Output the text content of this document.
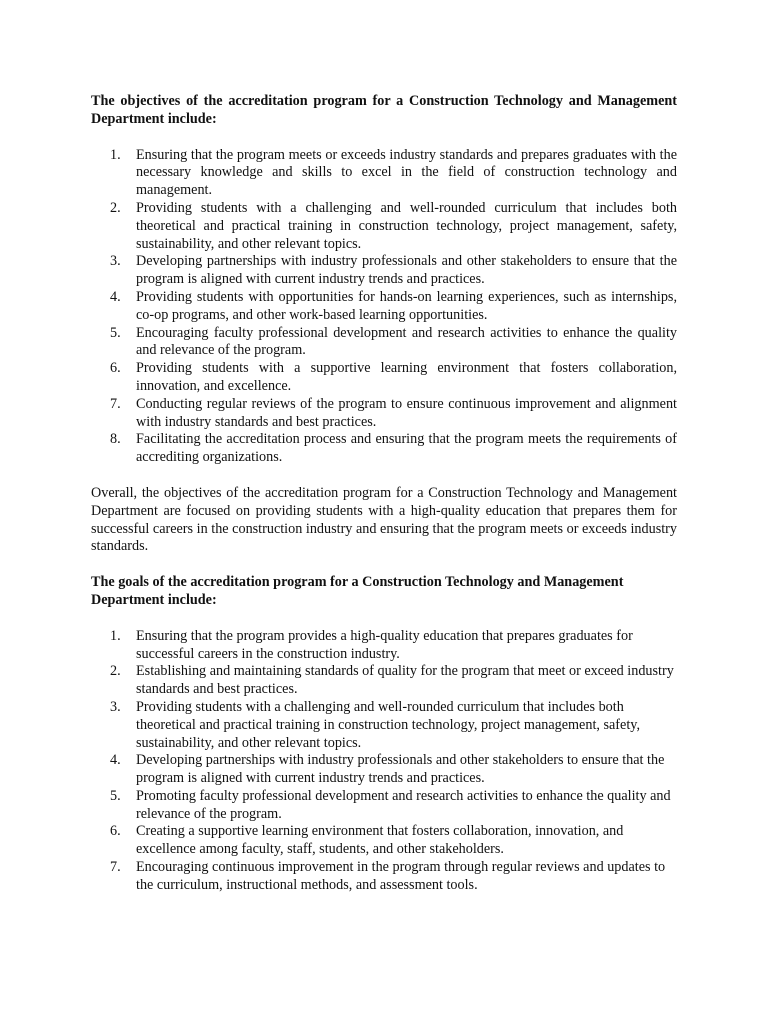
The objectives of the accreditation program for a Construction Technology and Management Department include:

1. Ensuring that the program meets or exceeds industry standards and prepares graduates with the necessary knowledge and skills to excel in the field of construction technology and management.
2. Providing students with a challenging and well-rounded curriculum that includes both theoretical and practical training in construction technology, project management, safety, sustainability, and other relevant topics.
3. Developing partnerships with industry professionals and other stakeholders to ensure that the program is aligned with current industry trends and practices.
4. Providing students with opportunities for hands-on learning experiences, such as internships, co-op programs, and other work-based learning opportunities.
5. Encouraging faculty professional development and research activities to enhance the quality and relevance of the program.
6. Providing students with a supportive learning environment that fosters collaboration, innovation, and excellence.
7. Conducting regular reviews of the program to ensure continuous improvement and alignment with industry standards and best practices.
8. Facilitating the accreditation process and ensuring that the program meets the requirements of accrediting organizations.

Overall, the objectives of the accreditation program for a Construction Technology and Management Department are focused on providing students with a high-quality education that prepares them for successful careers in the construction industry and ensuring that the program meets or exceeds industry standards.

The goals of the accreditation program for a Construction Technology and Management Department include:

1. Ensuring that the program provides a high-quality education that prepares graduates for successful careers in the construction industry.
2. Establishing and maintaining standards of quality for the program that meet or exceed industry standards and best practices.
3. Providing students with a challenging and well-rounded curriculum that includes both theoretical and practical training in construction technology, project management, safety, sustainability, and other relevant topics.
4. Developing partnerships with industry professionals and other stakeholders to ensure that the program is aligned with current industry trends and practices.
5. Promoting faculty professional development and research activities to enhance the quality and relevance of the program.
6. Creating a supportive learning environment that fosters collaboration, innovation, and excellence among faculty, staff, students, and other stakeholders.
7. Encouraging continuous improvement in the program through regular reviews and updates to the curriculum, instructional methods, and assessment tools.
